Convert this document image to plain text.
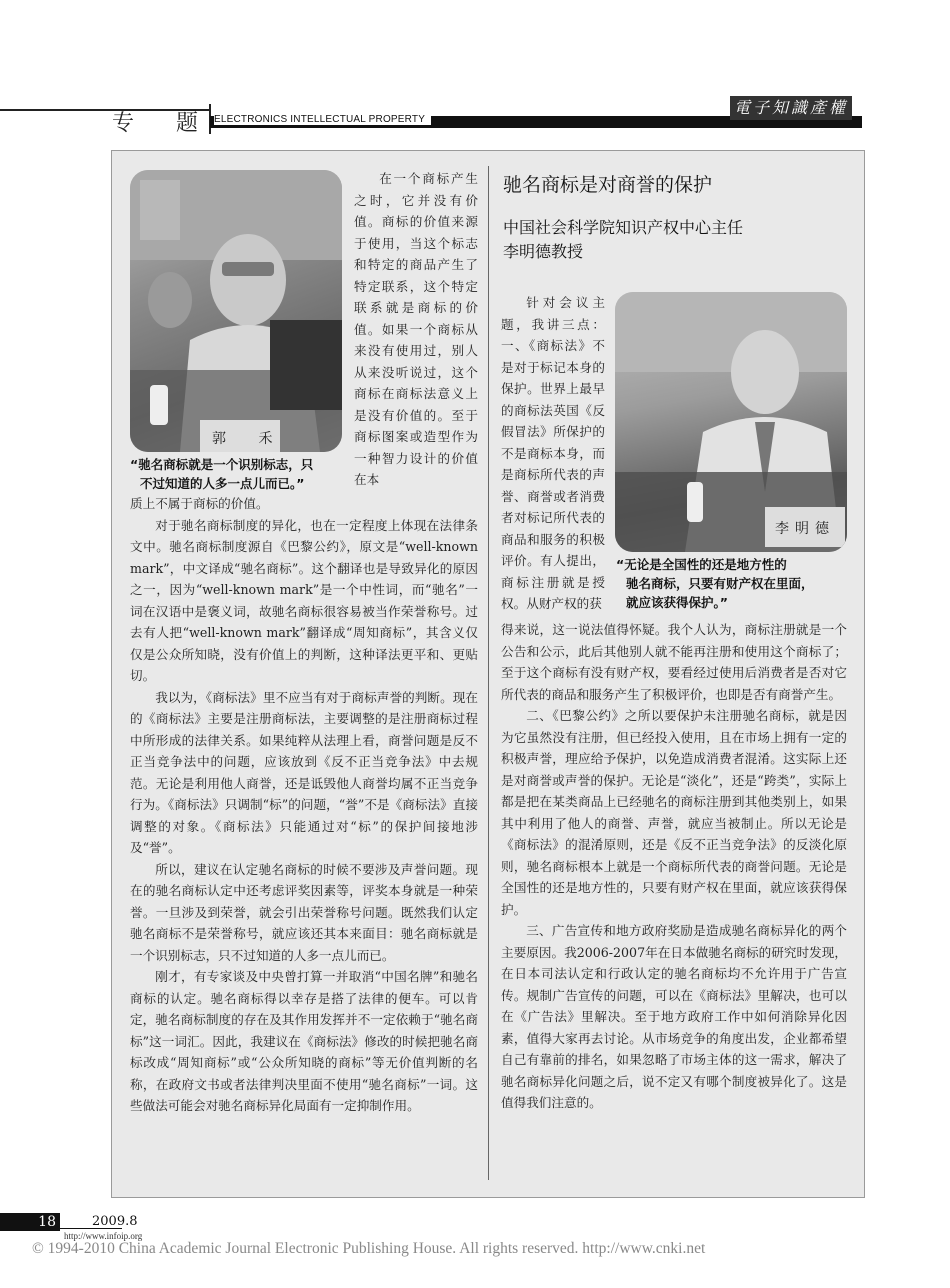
专 题 ELECTRONICS INTELLECTUAL PROPERTY
電子知識產權
郭 禾

在一个商标产生之时，它并没有价值。商标的价值来源于使用，当这个标志和特定的商品产生了特定联系，这个特定联系就是商标的价值。如果一个商标从来没有使用过，别人从来没听说过，这个商标在商标法意义上是没有价值的。至于商标图案或造型作为一种智力设计的价值在本

“驰名商标就是一个识别标志，只
不过知道的人多一点儿而已。”

质上不属于商标的价值。

对于驰名商标制度的异化，也在一定程度上体现在法律条文中。驰名商标制度源自《巴黎公约》，原文是“well-known mark”，中文译成“驰名商标”。这个翻译也是导致异化的原因之一，因为“well-known mark”是一个中性词，而“驰名”一词在汉语中是褒义词，故驰名商标很容易被当作荣誉称号。过去有人把“well-known mark”翻译成“周知商标”，其含义仅仅是公众所知晓，没有价值上的判断，这种译法更平和、更贴切。

我以为，《商标法》里不应当有对于商标声誉的判断。现在的《商标法》主要是注册商标法，主要调整的是注册商标过程中所形成的法律关系。如果纯粹从法理上看，商誉问题是反不正当竞争法中的问题，应该放到《反不正当竞争法》中去规范。无论是利用他人商誉，还是诋毁他人商誉均属不正当竞争行为。《商标法》只调制“标”的问题，“誉”不是《商标法》直接调整的对象。《商标法》只能通过对“标”的保护间接地涉及“誉”。

所以，建议在认定驰名商标的时候不要涉及声誉问题。现在的驰名商标认定中还考虑评奖因素等，评奖本身就是一种荣誉。一旦涉及到荣誉，就会引出荣誉称号问题。既然我们认定驰名商标不是荣誉称号，就应该还其本来面目：驰名商标就是一个识别标志，只不过知道的人多一点儿而已。

刚才，有专家谈及中央曾打算一并取消“中国名牌”和驰名商标的认定。驰名商标得以幸存是搭了法律的便车。可以肯定，驰名商标制度的存在及其作用发挥并不一定依赖于“驰名商标”这一词汇。因此，我建议在《商标法》修改的时候把驰名商标改成“周知商标”或“公众所知晓的商标”等无价值判断的名称，在政府文书或者法律判决里面不使用“驰名商标”一词。这些做法可能会对驰名商标异化局面有一定抑制作用。

驰名商标是对商誉的保护
中国社会科学院知识产权中心主任
李明德教授

针对会议主题，我讲三点：一、《商标法》不是对于标记本身的保护。世界上最早的商标法英国《反假冒法》所保护的不是商标本身，而是商标所代表的声誉、商誉或者消费者对标记所代表的商品和服务的积极评价。有人提出，商标注册就是授权。从财产权的获

李明德
“无论是全国性的还是地方性的
驰名商标，只要有财产权在里面，
就应该获得保护。”

得来说，这一说法值得怀疑。我个人认为，商标注册就是一个公告和公示，此后其他别人就不能再注册和使用这个商标了；至于这个商标有没有财产权，要看经过使用后消费者是否对它所代表的商品和服务产生了积极评价，也即是否有商誉产生。

二、《巴黎公约》之所以要保护未注册驰名商标，就是因为它虽然没有注册，但已经投入使用，且在市场上拥有一定的积极声誉，理应给予保护，以免造成消费者混淆。这实际上还是对商誉或声誉的保护。无论是“淡化”，还是“跨类”，实际上都是把在某类商品上已经驰名的商标注册到其他类别上，如果其中利用了他人的商誉、声誉，就应当被制止。所以无论是《商标法》的混淆原则，还是《反不正当竞争法》的反淡化原则，驰名商标根本上就是一个商标所代表的商誉问题。无论是全国性的还是地方性的，只要有财产权在里面，就应该获得保护。

三、广告宣传和地方政府奖励是造成驰名商标异化的两个主要原因。我2006-2007年在日本做驰名商标的研究时发现，在日本司法认定和行政认定的驰名商标均不允许用于广告宣传。规制广告宣传的问题，可以在《商标法》里解决，也可以在《广告法》里解决。至于地方政府工作中如何消除异化因素，值得大家再去讨论。从市场竞争的角度出发，企业都希望自己有靠前的排名，如果忽略了市场主体的这一需求，解决了驰名商标异化问题之后，说不定又有哪个制度被异化了。这是值得我们注意的。

18	2009.8
http://www.infoip.org
© 1994-2010 China Academic Journal Electronic Publishing House. All rights reserved. http://www.cnki.net
